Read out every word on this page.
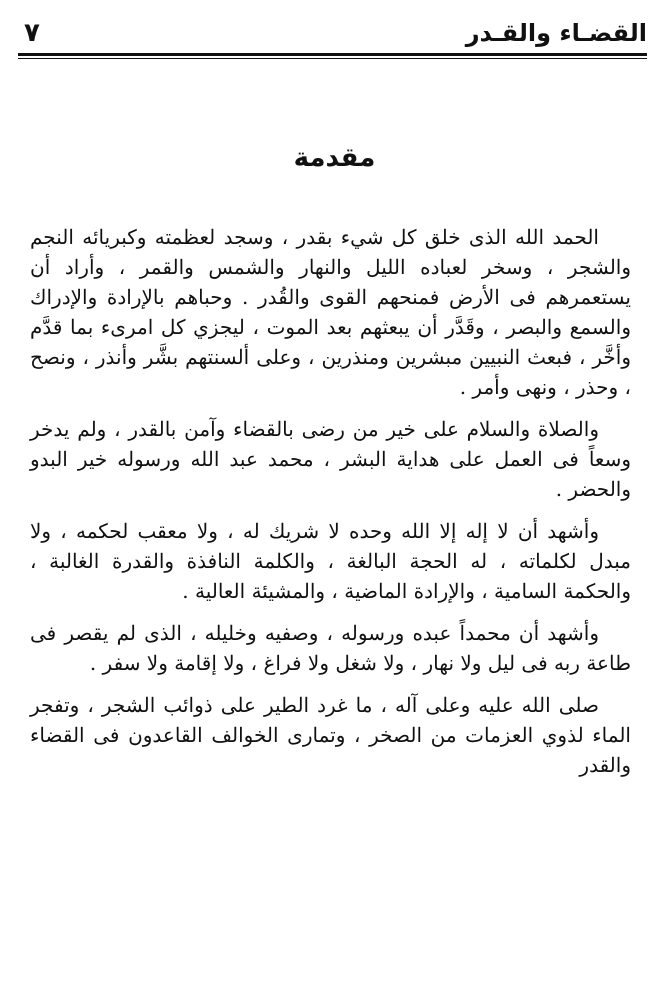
القضـاء والقـدر
٧
مقدمة

الحمد الله الذى خلق كل شيء بقدر ، وسجد لعظمته وكبريائه النجم والشجر ، وسخر لعباده الليل والنهار والشمس والقمر ، وأراد أن يستعمرهم فى الأرض فمنحهم القوى والقُدر . وحباهم بالإرادة والإدراك والسمع والبصر ، وقَدَّر أن يبعثهم بعد الموت ، ليجزي كل امرىء بما قدَّم وأخَّر ، فبعث النبيين مبشرين ومنذرين ، وعلى ألسنتهم بشَّر وأنذر ، ونصح ، وحذر ، ونهى وأمر .

والصلاة والسلام على خير من رضى بالقضاء وآمن بالقدر ، ولم يدخر وسعاً فى العمل على هداية البشر ، محمد عبد الله ورسوله خير البدو والحضر .

وأشهد أن لا إله إلا الله وحده لا شريك له ، ولا معقب لحكمه ، ولا مبدل لكلماته ، له الحجة البالغة ، والكلمة النافذة والقدرة الغالبة ، والحكمة السامية ، والإرادة الماضية ، والمشيئة العالية .

وأشهد أن محمداً عبده ورسوله ، وصفيه وخليله ، الذى لم يقصر فى طاعة ربه فى ليل ولا نهار ، ولا شغل ولا فراغ ، ولا إقامة ولا سفر .

صلى الله عليه وعلى آله ، ما غرد الطير على ذوائب الشجر ، وتفجر الماء لذوي العزمات من الصخر ، وتمارى الخوالف القاعدون فى القضاء والقدر
